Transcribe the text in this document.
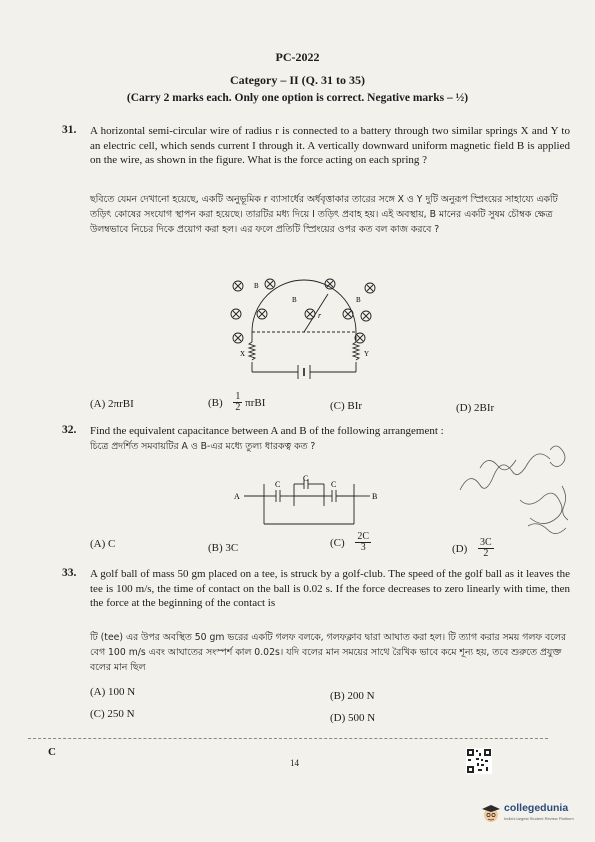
PC-2022
Category – II (Q. 31 to 35)
(Carry 2 marks each. Only one option is correct. Negative marks – ½)
31. A horizontal semi-circular wire of radius r is connected to a battery through two similar springs X and Y to an electric cell, which sends current I through it. A vertically downward uniform magnetic field B is applied on the wire, as shown in the figure. What is the force acting on each spring ?
ছবিতে যেমন দেখানো হয়েছে, একটি অনুভূমিক r ব্যাসার্ধের অর্ধবৃত্তাকার তারের সঙ্গে X ও Y দুটি অনুরূপ স্প্রিংয়ের সাহায্যে একটি তড়িৎ কোষের সংযোগ স্থাপন করা হয়েছে। তারটির মধ্য দিয়ে I তড়িৎ প্রবাহ হয়। এই অবস্থায়, B মানের একটি সুষম চৌম্বক ক্ষেত্র উলম্বভাবে নিচের দিকে প্রয়োগ করা হল। এর ফলে প্রতিটি স্প্রিংয়ের ওপর কত বল কাজ করবে ?
B
B	B
r
X	Y
(A) 2πrBI	$(B) \frac{1}{2}$ πrBI	(C) BIr	(D) 2BIr
32. Find the equivalent capacitance between A and B of the following arrangement :
চিত্রে প্রদর্শিত সমবায়টির A ও B-এর মধ্যে তুল্য ধারকত্ব কত ?
A	B
C
C
C
(A) C	(B) 3C	$(C) \frac{2C}{3}$	$(D) \frac{3C}{2}$
33. A golf ball of mass 50 gm placed on a tee, is struck by a golf-club. The speed of the golf ball as it leaves the tee is 100 m/s, the time of contact on the ball is 0.02 s. If the force decreases to zero linearly with time, then the force at the beginning of the contact is
টি (tee) এর উপর অবস্থিত 50 gm ভরের একটি গলফ বলকে, গলফক্লাব দ্বারা আঘাত করা হল। টি ত্যাগ করার সময় গলফ বলের বেগ 100 m/s এবং আঘাতের সংস্পর্শ কাল 0.02s। যদি বলের মান সময়ের সাথে রৈখিক ভাবে কমে শূন্য হয়, তবে শুরুতে প্রযুক্ত বলের মান ছিল
(A) 100 N	(B) 200 N
(C) 250 N	(D) 500 N
C
14
collegedunia
India's largest Student Review Platform
